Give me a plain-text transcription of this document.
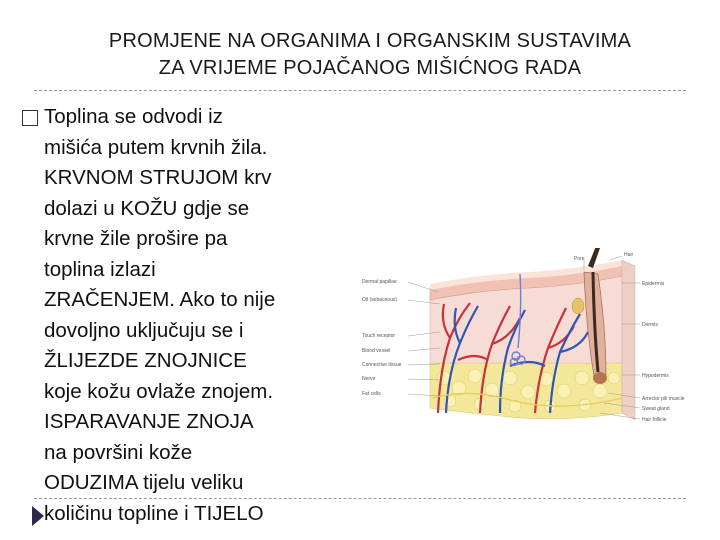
PROMJENE NA ORGANIMA I ORGANSKIM SUSTAVIMA
ZA VRIJEME POJAČANOG MIŠIĆNOG RADA
Toplina se odvodi iz
mišića putem krvnih žila.
KRVNOM STRUJOM krv
dolazi u KOŽU gdje se
krvne žile proširе pa
toplina izlazi
ZRAČENJEM. Ako to nije
dovoljno uključuju se i
ŽLIJEZDE ZNOJNICE
koje kožu ovlaže znojem.
ISPARAVANJE ZNOJA
na površini kože
ODUZIMA tijelu veliku
količinu topline i TIJELO
Dermal papillae
Oil (sebaceous)
Touch receptor
Blood vessel
Connective tissue
Nerve
Fat cells
Pore
Hair
Epidermis
Dermis
Hypodermis
Arrector pili muscle
Sweat gland
Hair follicle
